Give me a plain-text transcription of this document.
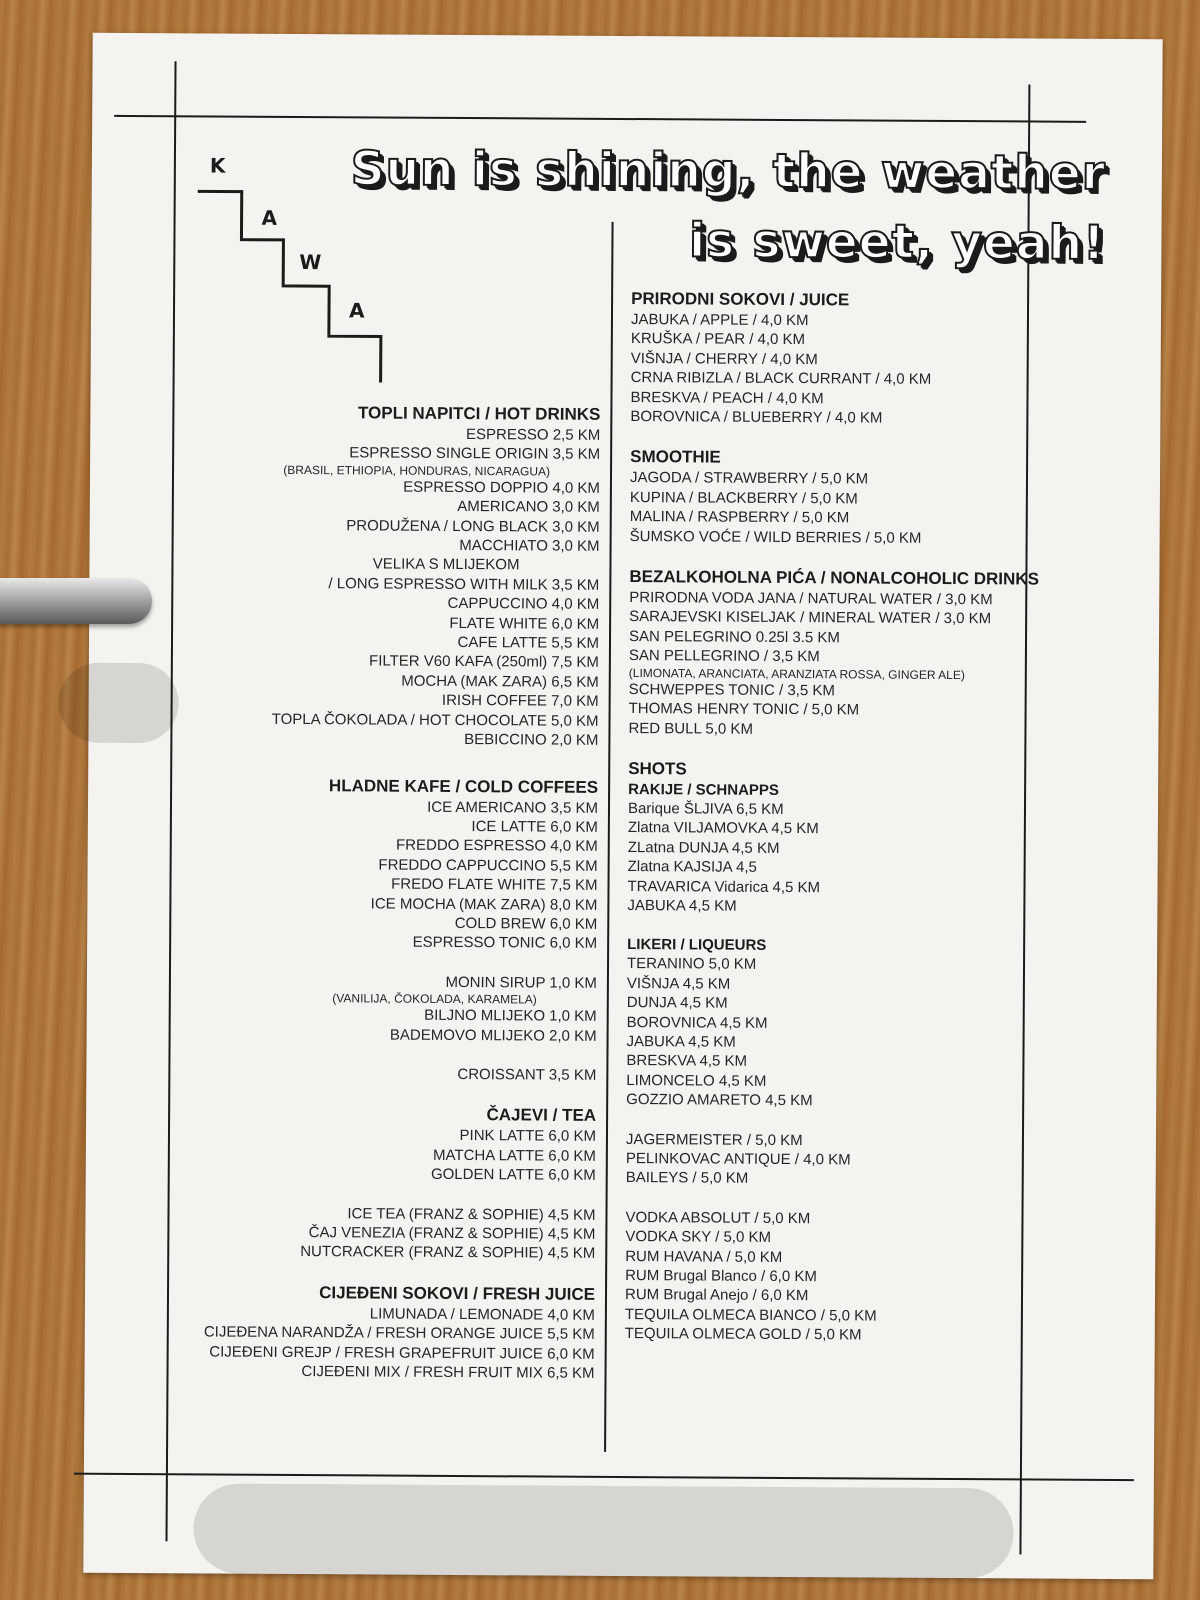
K
A
W
A
Sun is shining, the weather
is sweet, yeah!
TOPLI NAPITCI / HOT DRINKS
ESPRESSO 2,5 KM
ESPRESSO SINGLE ORIGIN 3,5 KM
(BRASIL, ETHIOPIA, HONDURAS, NICARAGUA)
ESPRESSO DOPPIO 4,0 KM
AMERICANO 3,0 KM
PRODUŽENA / LONG BLACK 3,0 KM
MACCHIATO 3,0 KM
VELIKA S MLIJEKOM
/ LONG ESPRESSO WITH MILK 3,5 KM
CAPPUCCINO 4,0 KM
FLATE WHITE 6,0 KM
CAFE LATTE 5,5 KM
FILTER V60 KAFA (250ml) 7,5 KM
MOCHA (MAK ZARA) 6,5 KM
IRISH COFFEE 7,0 KM
TOPLA ČOKOLADA / HOT CHOCOLATE 5,0 KM
BEBICCINO 2,0 KM
HLADNE KAFE / COLD COFFEES
ICE AMERICANO 3,5 KM
ICE LATTE 6,0 KM
FREDDO ESPRESSO 4,0 KM
FREDDO CAPPUCCINO 5,5 KM
FREDO FLATE WHITE 7,5 KM
ICE MOCHA (MAK ZARA) 8,0 KM
COLD BREW 6,0 KM
ESPRESSO TONIC 6,0 KM
MONIN SIRUP 1,0 KM
(VANILIJA, ČOKOLADA, KARAMELA)
BILJNO MLIJEKO 1,0 KM
BADEMOVO MLIJEKO 2,0 KM
CROISSANT 3,5 KM
ČAJEVI / TEA
PINK LATTE 6,0 KM
MATCHA LATTE 6,0 KM
GOLDEN LATTE 6,0 KM
ICE TEA (FRANZ & SOPHIE) 4,5 KM
ČAJ VENEZIA (FRANZ & SOPHIE) 4,5 KM
NUTCRACKER (FRANZ & SOPHIE) 4,5 KM
CIJEĐENI SOKOVI / FRESH JUICE
LIMUNADA / LEMONADE 4,0 KM
CIJEĐENA NARANDŽA / FRESH ORANGE JUICE 5,5 KM
CIJEĐENI GREJP / FRESH GRAPEFRUIT JUICE 6,0 KM
CIJEĐENI MIX / FRESH FRUIT MIX 6,5 KM
PRIRODNI SOKOVI / JUICE
JABUKA / APPLE / 4,0 KM
KRUŠKA / PEAR / 4,0 KM
VIŠNJA / CHERRY / 4,0 KM
CRNA RIBIZLA / BLACK CURRANT / 4,0 KM
BRESKVA / PEACH / 4,0 KM
BOROVNICA / BLUEBERRY / 4,0 KM
SMOOTHIE
JAGODA / STRAWBERRY / 5,0 KM
KUPINA / BLACKBERRY / 5,0 KM
MALINA / RASPBERRY / 5,0 KM
ŠUMSKO VOĆE / WILD BERRIES / 5,0 KM
BEZALKOHOLNA PIĆA / NONALCOHOLIC DRINKS
PRIRODNA VODA JANA / NATURAL WATER / 3,0 KM
SARAJEVSKI KISELJAK / MINERAL WATER / 3,0 KM
SAN PELEGRINO 0.25l 3.5 KM
SAN PELLEGRINO / 3,5 KM
(LIMONATA, ARANCIATA, ARANZIATA ROSSA, GINGER ALE)
SCHWEPPES TONIC / 3,5 KM
THOMAS HENRY TONIC / 5,0 KM
RED BULL 5,0 KM
SHOTS
RAKIJE / SCHNAPPS
Barique ŠLJIVA 6,5 KM
Zlatna VILJAMOVKA 4,5 KM
ZLatna DUNJA 4,5 KM
Zlatna KAJSIJA 4,5
TRAVARICA Vidarica 4,5 KM
JABUKA 4,5 KM
LIKERI / LIQUEURS
TERANINO 5,0 KM
VIŠNJA 4,5 KM
DUNJA 4,5 KM
BOROVNICA 4,5 KM
JABUKA 4,5 KM
BRESKVA 4,5 KM
LIMONCELO 4,5 KM
GOZZIO AMARETO 4,5 KM
JAGERMEISTER / 5,0 KM
PELINKOVAC ANTIQUE / 4,0 KM
BAILEYS / 5,0 KM
VODKA ABSOLUT / 5,0 KM
VODKA SKY / 5,0 KM
RUM HAVANA / 5,0 KM
RUM Brugal Blanco / 6,0 KM
RUM Brugal Anejo / 6,0 KM
TEQUILA OLMECA BIANCO / 5,0 KM
TEQUILA OLMECA GOLD / 5,0 KM
